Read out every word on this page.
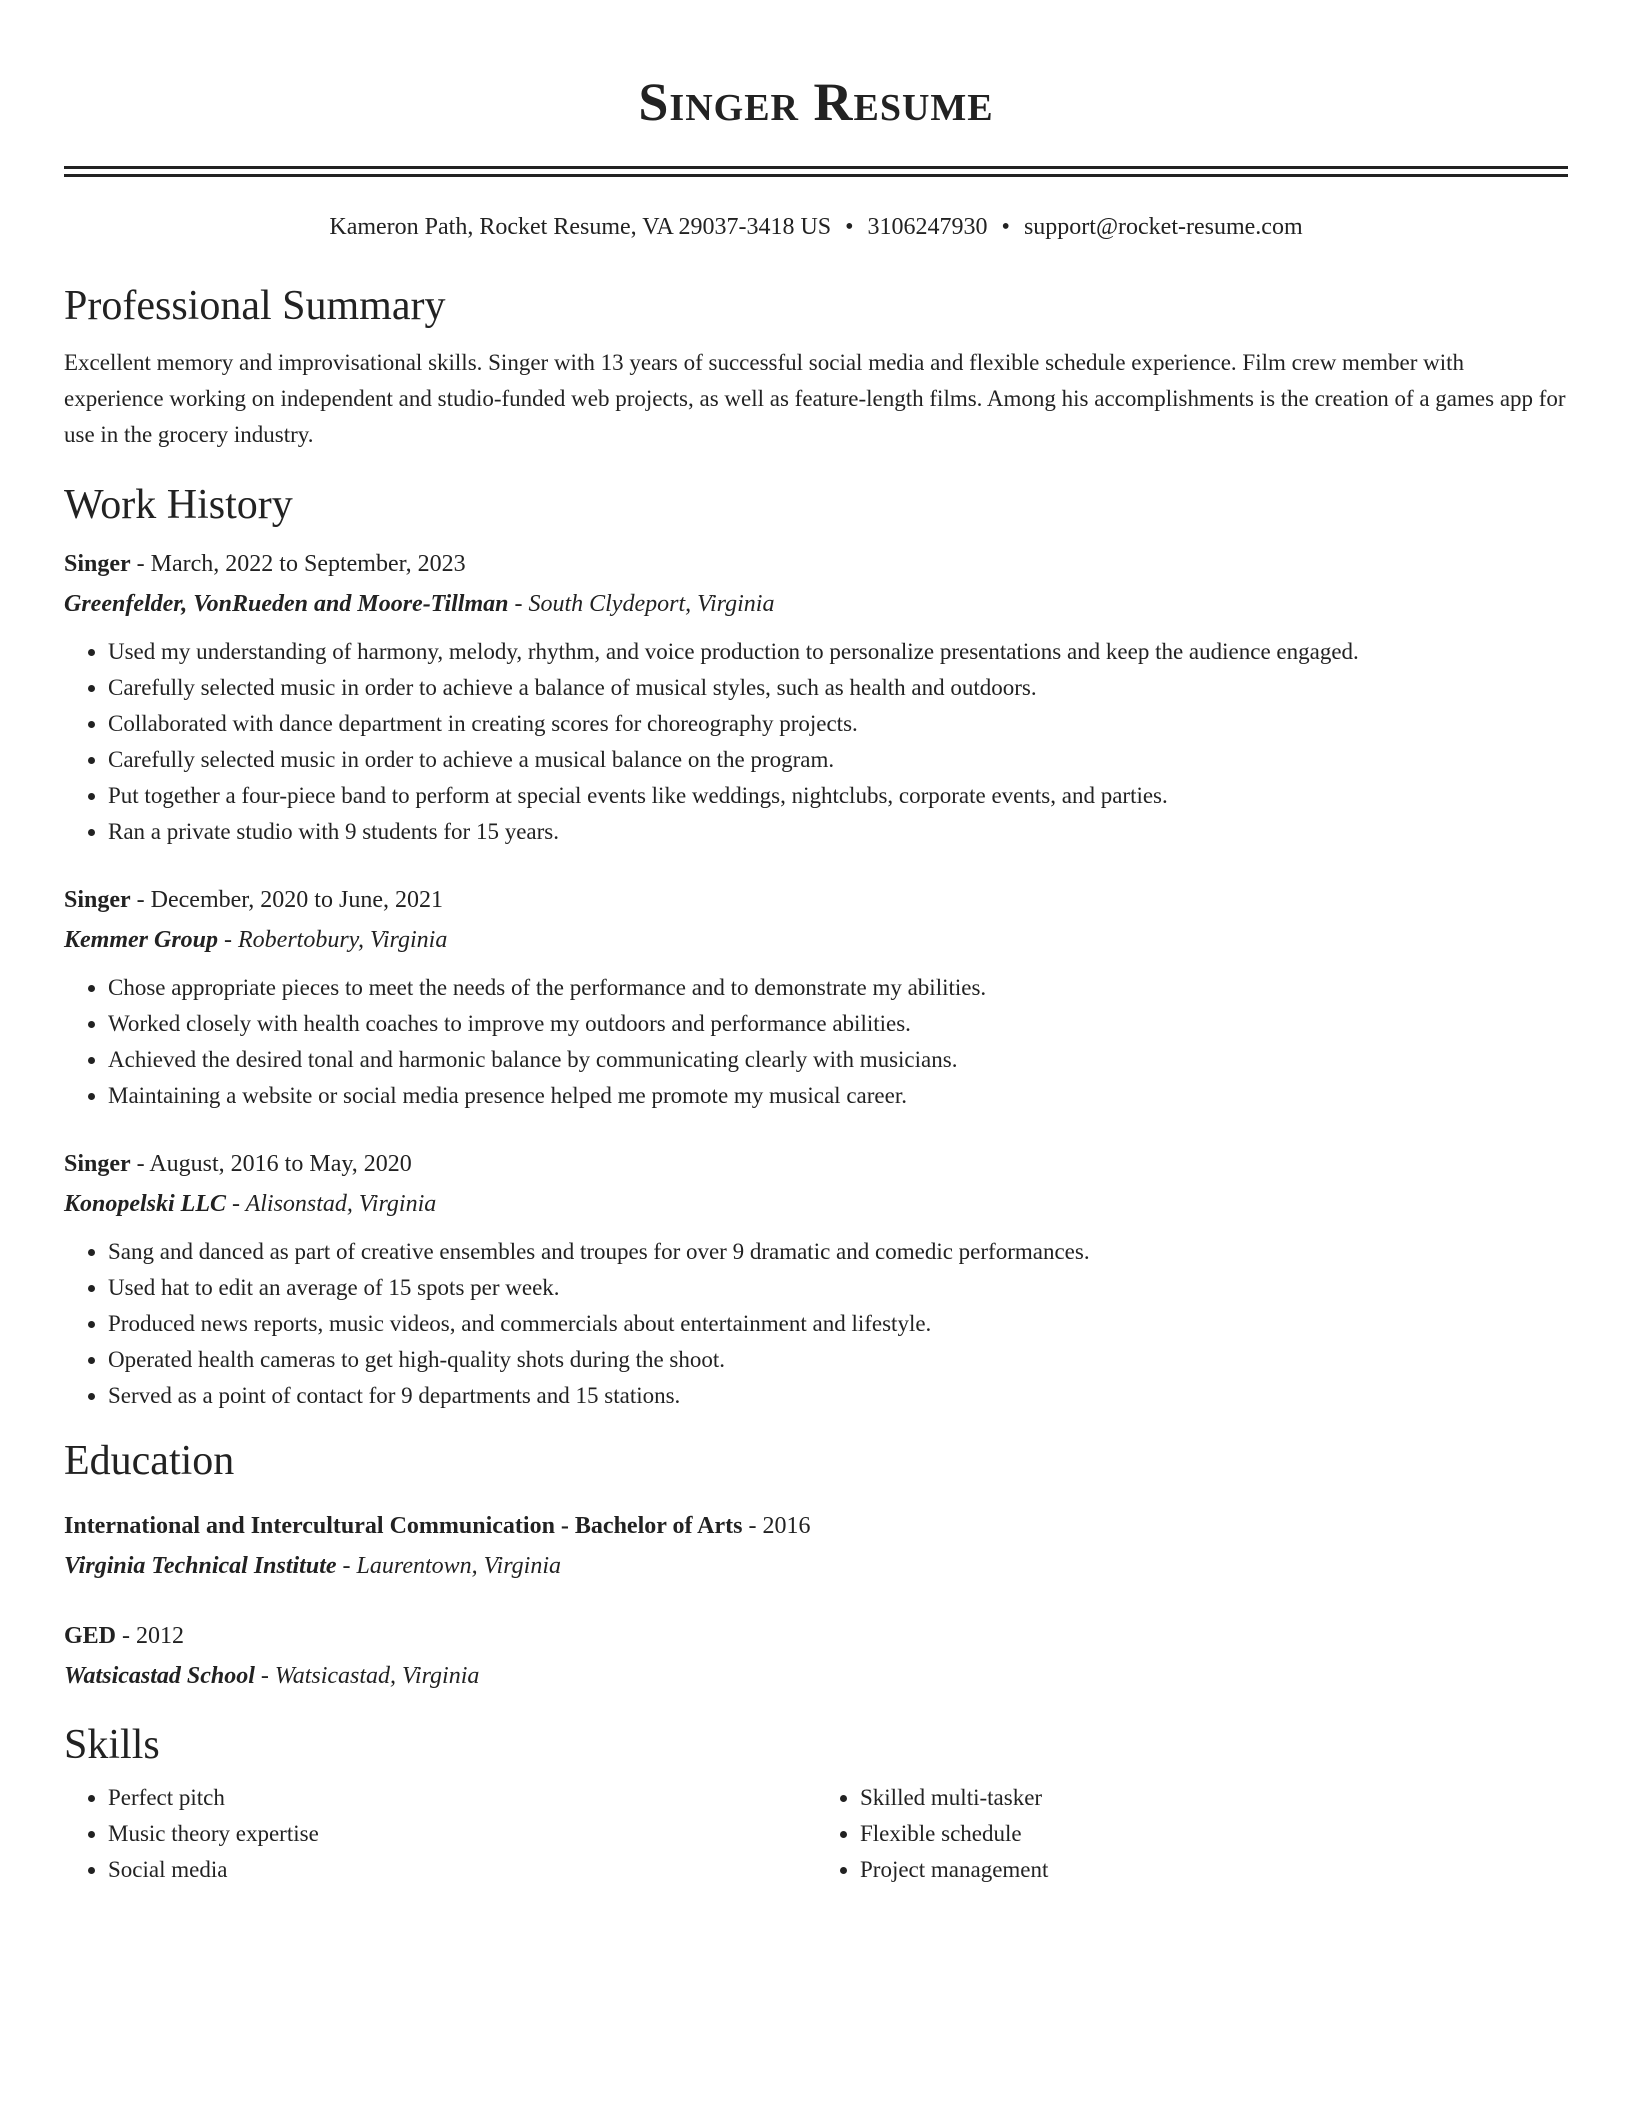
Singer Resume
Kameron Path, Rocket Resume, VA 29037-3418 US • 3106247930 • support@rocket-resume.com
Professional Summary

Excellent memory and improvisational skills. Singer with 13 years of successful social media and flexible schedule experience. Film crew member with experience working on independent and studio-funded web projects, as well as feature-length films. Among his accomplishments is the creation of a games app for use in the grocery industry.

Work History
Singer - March, 2022 to September, 2023
Greenfelder, VonRueden and Moore-Tillman - South Clydeport, Virginia
• Used my understanding of harmony, melody, rhythm, and voice production to personalize presentations and keep the audience engaged.
• Carefully selected music in order to achieve a balance of musical styles, such as health and outdoors.
• Collaborated with dance department in creating scores for choreography projects.
• Carefully selected music in order to achieve a musical balance on the program.
• Put together a four-piece band to perform at special events like weddings, nightclubs, corporate events, and parties.
• Ran a private studio with 9 students for 15 years.
Singer - December, 2020 to June, 2021
Kemmer Group - Robertobury, Virginia
• Chose appropriate pieces to meet the needs of the performance and to demonstrate my abilities.
• Worked closely with health coaches to improve my outdoors and performance abilities.
• Achieved the desired tonal and harmonic balance by communicating clearly with musicians.
• Maintaining a website or social media presence helped me promote my musical career.
Singer - August, 2016 to May, 2020
Konopelski LLC - Alisonstad, Virginia
• Sang and danced as part of creative ensembles and troupes for over 9 dramatic and comedic performances.
• Used hat to edit an average of 15 spots per week.
• Produced news reports, music videos, and commercials about entertainment and lifestyle.
• Operated health cameras to get high-quality shots during the shoot.
• Served as a point of contact for 9 departments and 15 stations.
Education
International and Intercultural Communication - Bachelor of Arts - 2016
Virginia Technical Institute - Laurentown, Virginia
GED - 2012
Watsicastad School - Watsicastad, Virginia
Skills
• Perfect pitch
• Music theory expertise
• Social media
• Skilled multi-tasker
• Flexible schedule
• Project management
